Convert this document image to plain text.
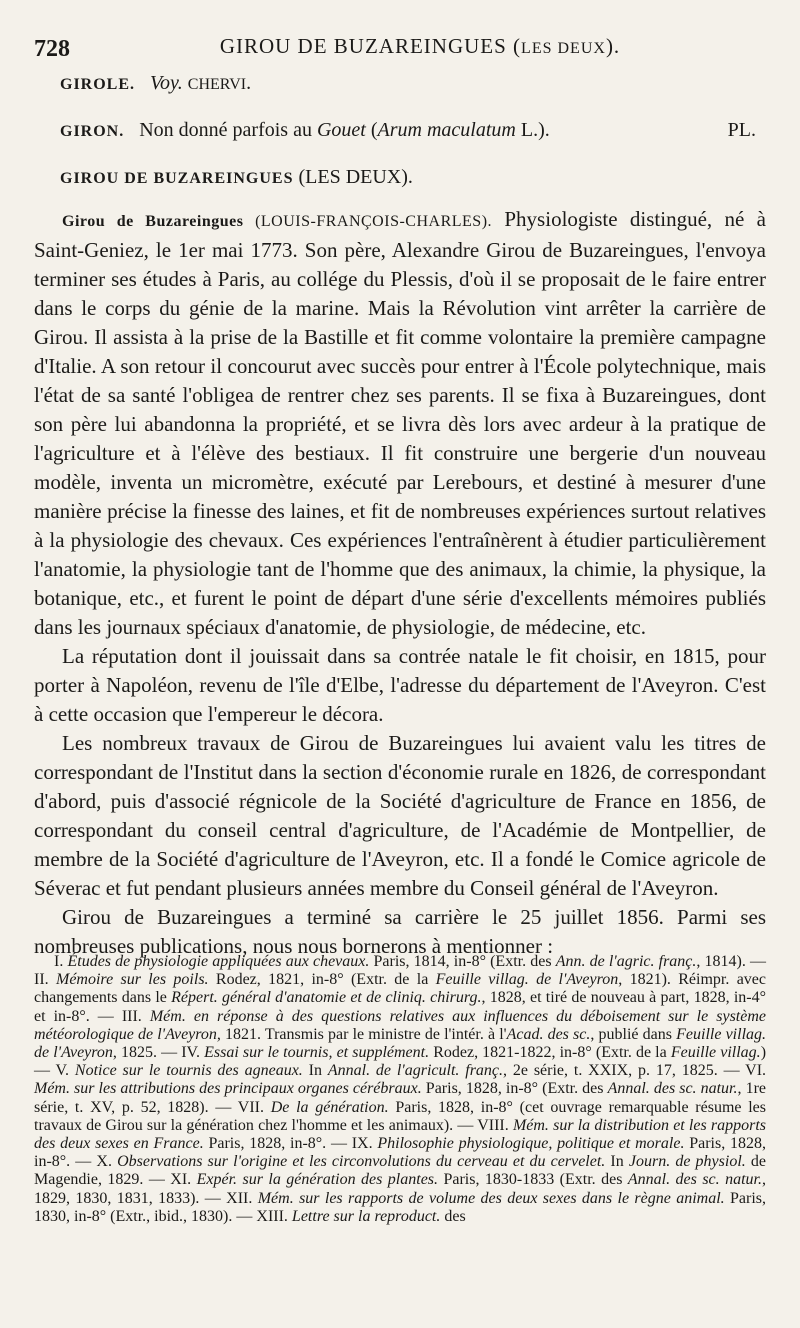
728	GIROU DE BUZAREINGUES (LES DEUX).
GIROLE. Voy. CHERVI.
GIRON. Non donné parfois au Gouet (Arum maculatum L.).	PL.
GIROU DE BUZAREINGUES (LES DEUX).

Girou de Buzareingues (LOUIS-FRANÇOIS-CHARLES). Physiologiste distingué, né à Saint-Geniez, le 1er mai 1773. Son père, Alexandre Girou de Buzareingues, l'envoya terminer ses études à Paris, au collége du Plessis, d'où il se proposait de le faire entrer dans le corps du génie de la marine. Mais la Révolution vint arrêter la carrière de Girou. Il assista à la prise de la Bastille et fit comme volontaire la première campagne d'Italie. A son retour il concourut avec succès pour entrer à l'École polytechnique, mais l'état de sa santé l'obligea de rentrer chez ses parents. Il se fixa à Buzareingues, dont son père lui abandonna la propriété, et se livra dès lors avec ardeur à la pratique de l'agriculture et à l'élève des bestiaux. Il fit construire une bergerie d'un nouveau modèle, inventa un micromètre, exécuté par Lerebours, et destiné à mesurer d'une manière précise la finesse des laines, et fit de nombreuses expériences surtout relatives à la physiologie des chevaux. Ces expériences l'entraînèrent à étudier particulièrement l'anatomie, la physiologie tant de l'homme que des animaux, la chimie, la physique, la botanique, etc., et furent le point de départ d'une série d'excellents mémoires publiés dans les journaux spéciaux d'anatomie, de physiologie, de médecine, etc.

La réputation dont il jouissait dans sa contrée natale le fit choisir, en 1815, pour porter à Napoléon, revenu de l'île d'Elbe, l'adresse du département de l'Aveyron. C'est à cette occasion que l'empereur le décora.

Les nombreux travaux de Girou de Buzareingues lui avaient valu les titres de correspondant de l'Institut dans la section d'économie rurale en 1826, de correspondant d'abord, puis d'associé régnicole de la Société d'agriculture de France en 1856, de correspondant du conseil central d'agriculture, de l'Académie de Montpellier, de membre de la Société d'agriculture de l'Aveyron, etc. Il a fondé le Comice agricole de Séverac et fut pendant plusieurs années membre du Conseil général de l'Aveyron.

Girou de Buzareingues a terminé sa carrière le 25 juillet 1856. Parmi ses nombreuses publications, nous nous bornerons à mentionner :

I. Études de physiologie appliquées aux chevaux. Paris, 1814, in-8° (Extr. des Ann. de l'agric. franç., 1814). — II. Mémoire sur les poils. Rodez, 1821, in-8° (Extr. de la Feuille villag. de l'Aveyron, 1821). Réimpr. avec changements dans le Répert. général d'anatomie et de cliniq. chirurg., 1828, et tiré de nouveau à part, 1828, in-4° et in-8°. — III. Mém. en réponse à des questions relatives aux influences du déboisement sur le système météorologique de l'Aveyron, 1821. Transmis par le ministre de l'intér. à l'Acad. des sc., publié dans Feuille villag. de l'Aveyron, 1825. — IV. Essai sur le tournis, et supplément. Rodez, 1821-1822, in-8° (Extr. de la Feuille villag.) — V. Notice sur le tournis des agneaux. In Annal. de l'agricult. franç., 2e série, t. XXIX, p. 17, 1825. — VI. Mém. sur les attributions des principaux organes cérébraux. Paris, 1828, in-8° (Extr. des Annal. des sc. natur., 1re série, t. XV, p. 52, 1828). — VII. De la génération. Paris, 1828, in-8° (cet ouvrage remarquable résume les travaux de Girou sur la génération chez l'homme et les animaux). — VIII. Mém. sur la distribution et les rapports des deux sexes en France. Paris, 1828, in-8°. — IX. Philosophie physiologique, politique et morale. Paris, 1828, in-8°. — X. Observations sur l'origine et les circonvolutions du cerveau et du cervelet. In Journ. de physiol. de Magendie, 1829. — XI. Expér. sur la génération des plantes. Paris, 1830-1833 (Extr. des Annal. des sc. natur., 1829, 1830, 1831, 1833). — XII. Mém. sur les rapports de volume des deux sexes dans le règne animal. Paris, 1830, in-8° (Extr., ibid., 1830). — XIII. Lettre sur la reproduct. des
